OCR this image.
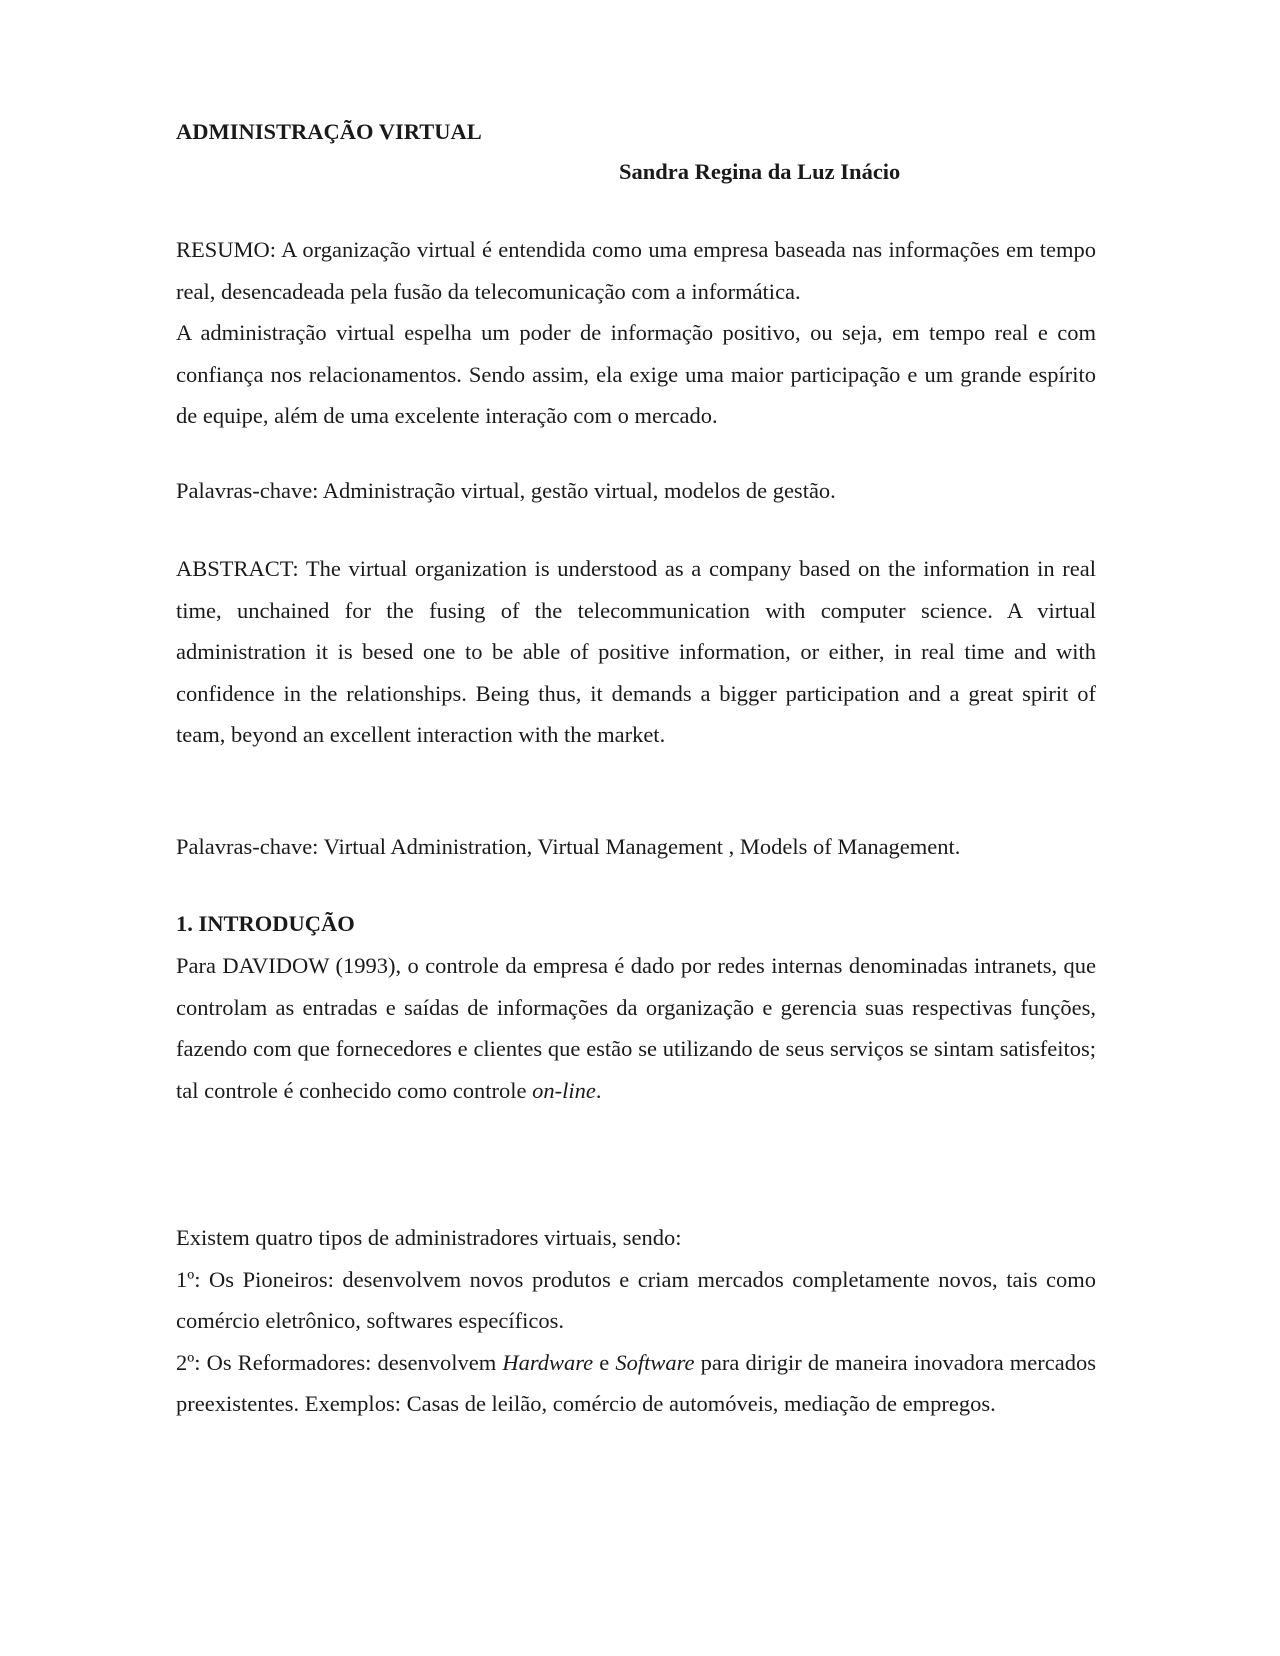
ADMINISTRAÇÃO VIRTUAL
Sandra Regina da Luz Inácio

RESUMO: A organização virtual é entendida como uma empresa baseada nas informações em tempo real, desencadeada pela fusão da telecomunicação com a informática.

A administração virtual espelha um poder de informação positivo, ou seja, em tempo real e com confiança nos relacionamentos. Sendo assim, ela exige uma maior participação e um grande espírito de equipe, além de uma excelente interação com o mercado.

Palavras-chave: Administração virtual, gestão virtual, modelos de gestão.
ABSTRACT: The virtual organization is understood as a company based on the information in real time, unchained for the fusing of the telecommunication with computer science. A virtual administration it is besed one to be able of positive information, or either, in real time and with confidence in the relationships. Being thus, it demands a bigger participation and a great spirit of team, beyond an excellent interaction with the market.
Palavras-chave: Virtual Administration, Virtual Management , Models of Management.
1. INTRODUÇÃO

Para DAVIDOW (1993), o controle da empresa é dado por redes internas denominadas intranets, que controlam as entradas e saídas de informações da organização e gerencia suas respectivas funções, fazendo com que fornecedores e clientes que estão se utilizando de seus serviços se sintam satisfeitos; tal controle é conhecido como controle on-line.

Existem quatro tipos de administradores virtuais, sendo:

1º: Os Pioneiros: desenvolvem novos produtos e criam mercados completamente novos, tais como comércio eletrônico, softwares específicos.

2º: Os Reformadores: desenvolvem Hardware e Software para dirigir de maneira inovadora mercados preexistentes. Exemplos: Casas de leilão, comércio de automóveis, mediação de empregos.
